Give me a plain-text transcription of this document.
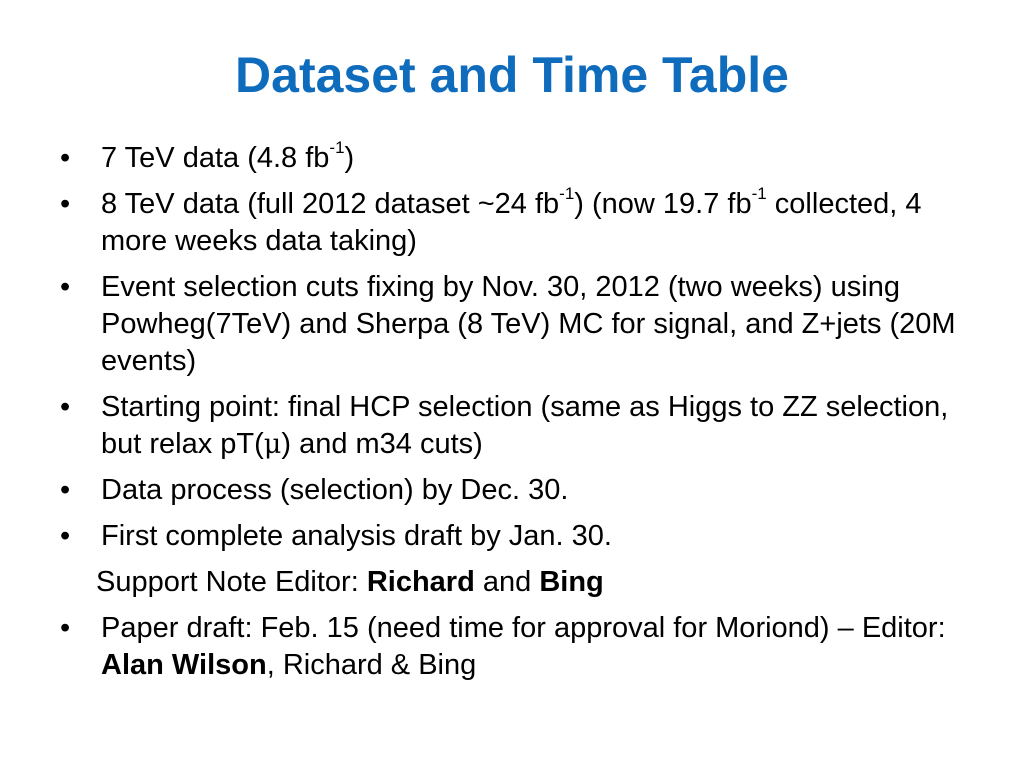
Dataset and Time Table
• 7 TeV data (4.8 $fb^{-1}$)
• 8 TeV data (full 2012 dataset ~24 $fb^{-1}$) (now 19.7 $fb^{-1}$ collected, 4 more weeks data taking)
• Event selection cuts fixing by Nov. 30, 2012 (two weeks) using Powheg(7TeV) and Sherpa (8 TeV) MC for signal, and Z+jets (20M events)
• Starting point: final HCP selection (same as Higgs to ZZ selection, but relax pT(μ) and m34 cuts)
• Data process (selection) by Dec. 30.
• First complete analysis draft by Jan. 30.
Support Note Editor: Richard and Bing
• Paper draft: Feb. 15 (need time for approval for Moriond) – Editor: Alan Wilson, Richard & Bing
